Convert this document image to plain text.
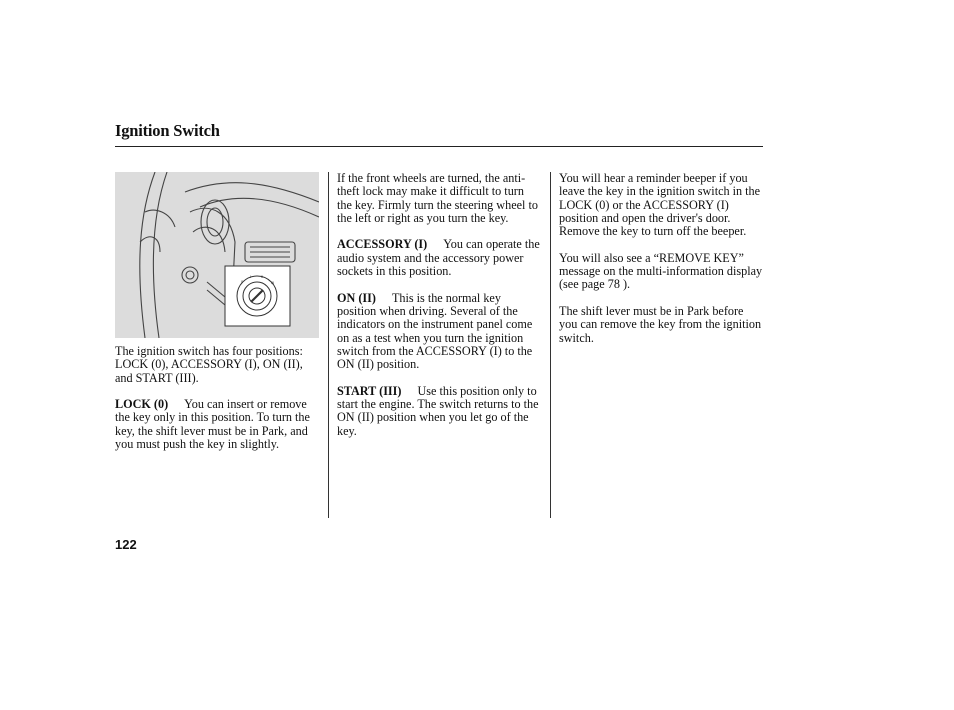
Ignition Switch
0
I II
III

The ignition switch has four positions: LOCK (0), ACCESSORY (I), ON (II), and START (III).

LOCK (0) You can insert or remove the key only in this position. To turn the key, the shift lever must be in Park, and you must push the key in slightly.

If the front wheels are turned, the anti-theft lock may make it difficult to turn the key. Firmly turn the steering wheel to the left or right as you turn the key.

ACCESSORY (I) You can operate the audio system and the accessory power sockets in this position.

ON (II) This is the normal key position when driving. Several of the indicators on the instrument panel come on as a test when you turn the ignition switch from the ACCESSORY (I) to the ON (II) position.

START (III) Use this position only to start the engine. The switch returns to the ON (II) position when you let go of the key.

You will hear a reminder beeper if you leave the key in the ignition switch in the LOCK (0) or the ACCESSORY (I) position and open the driver's door. Remove the key to turn off the beeper.

You will also see a “REMOVE KEY” message on the multi-information display (see page 78 ).

The shift lever must be in Park before you can remove the key from the ignition switch.

122
